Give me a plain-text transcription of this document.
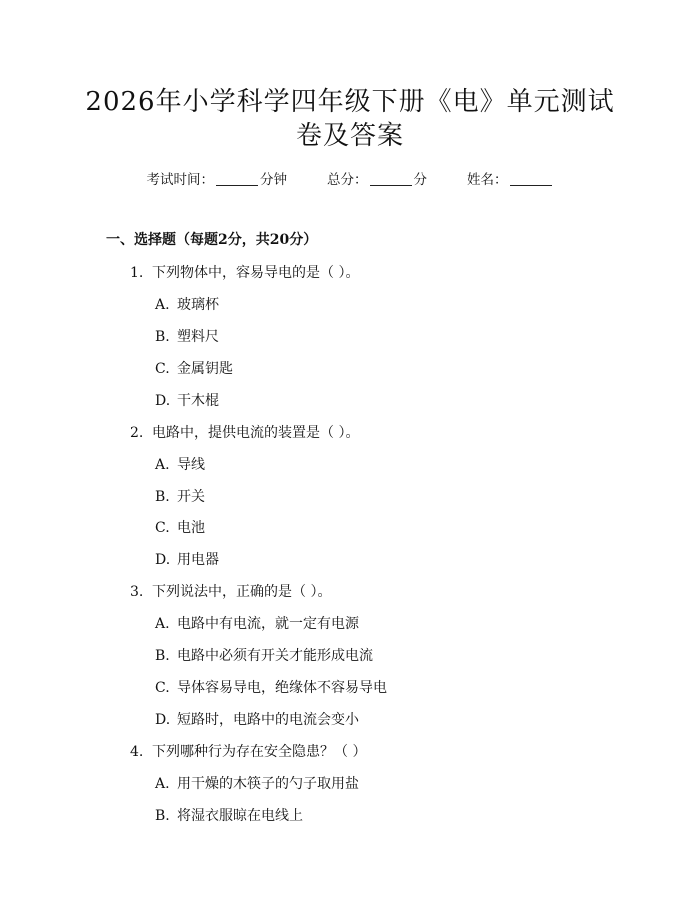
2026年小学科学四年级下册《电》单元测试
卷及答案
考试时间：	分钟	总分：	分	姓名：
一、选择题（每题2分，共20分）
1. 下列物体中，容易导电的是（ ）。
A. 玻璃杯
B. 塑料尺
C. 金属钥匙
D. 干木棍
2. 电路中，提供电流的装置是（ ）。
A. 导线
B. 开关
C. 电池
D. 用电器
3. 下列说法中，正确的是（ ）。
A. 电路中有电流，就一定有电源
B. 电路中必须有开关才能形成电流
C. 导体容易导电，绝缘体不容易导电
D. 短路时，电路中的电流会变小
4. 下列哪种行为存在安全隐患？（ ）
A. 用干燥的木筷子的勺子取用盐
B. 将湿衣服晾在电线上
